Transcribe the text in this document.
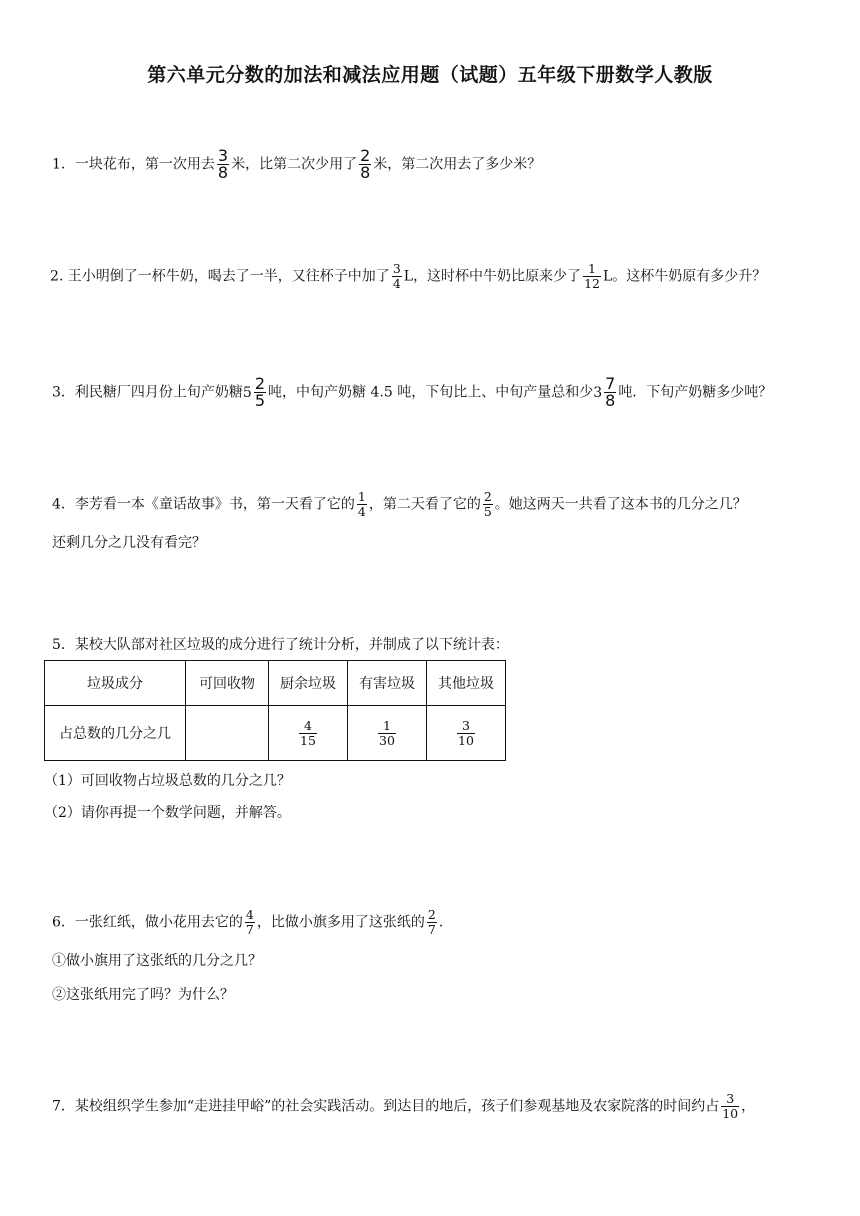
第六单元分数的加法和减法应用题（试题）五年级下册数学人教版
1．一块花布，第一次用去 $\frac{3}{8}$ 米，比第二次少用了 $\frac{2}{8}$ 米，第二次用去了多少米？
2. 王小明倒了一杯牛奶，喝去了一半，又往杯子中加了 $\frac{3}{4}$ L，这时杯中牛奶比原来少了 $\frac{1}{12}$ L。这杯牛奶原有多少升？
3．利民糖厂四月份上旬产奶糖 $5 \frac{2}{5}$ 吨，中旬产奶糖 4.5 吨，下旬比上、中旬产量总和少 $3 \frac{7}{8}$ 吨．下旬产奶糖多少吨？
4．李芳看一本《童话故事》书，第一天看了它的 $\frac{1}{4}$ ，第二天看了它的 $\frac{2}{5}$ 。她这两天一共看了这本书的几分之几？
还剩几分之几没有看完？
5．某校大队部对社区垃圾的成分进行了统计分析，并制成了以下统计表：
垃圾成分	可回收物	厨余垃圾	有害垃圾	其他垃圾
占总数的几分之几		$\frac{4}{15}$	$\frac{1}{30}$	$\frac{3}{10}$
（1）可回收物占垃圾总数的几分之几？
（2）请你再提一个数学问题，并解答。
6．一张红纸，做小花用去它的 $\frac{4}{7}$ ，比做小旗多用了这张纸的 $\frac{2}{7}$ .
①做小旗用了这张纸的几分之几？
②这张纸用完了吗？为什么？
7．某校组织学生参加“走进挂甲峪”的社会实践活动。到达目的地后，孩子们参观基地及农家院落的时间约占 $\frac{3}{10}$ ，
